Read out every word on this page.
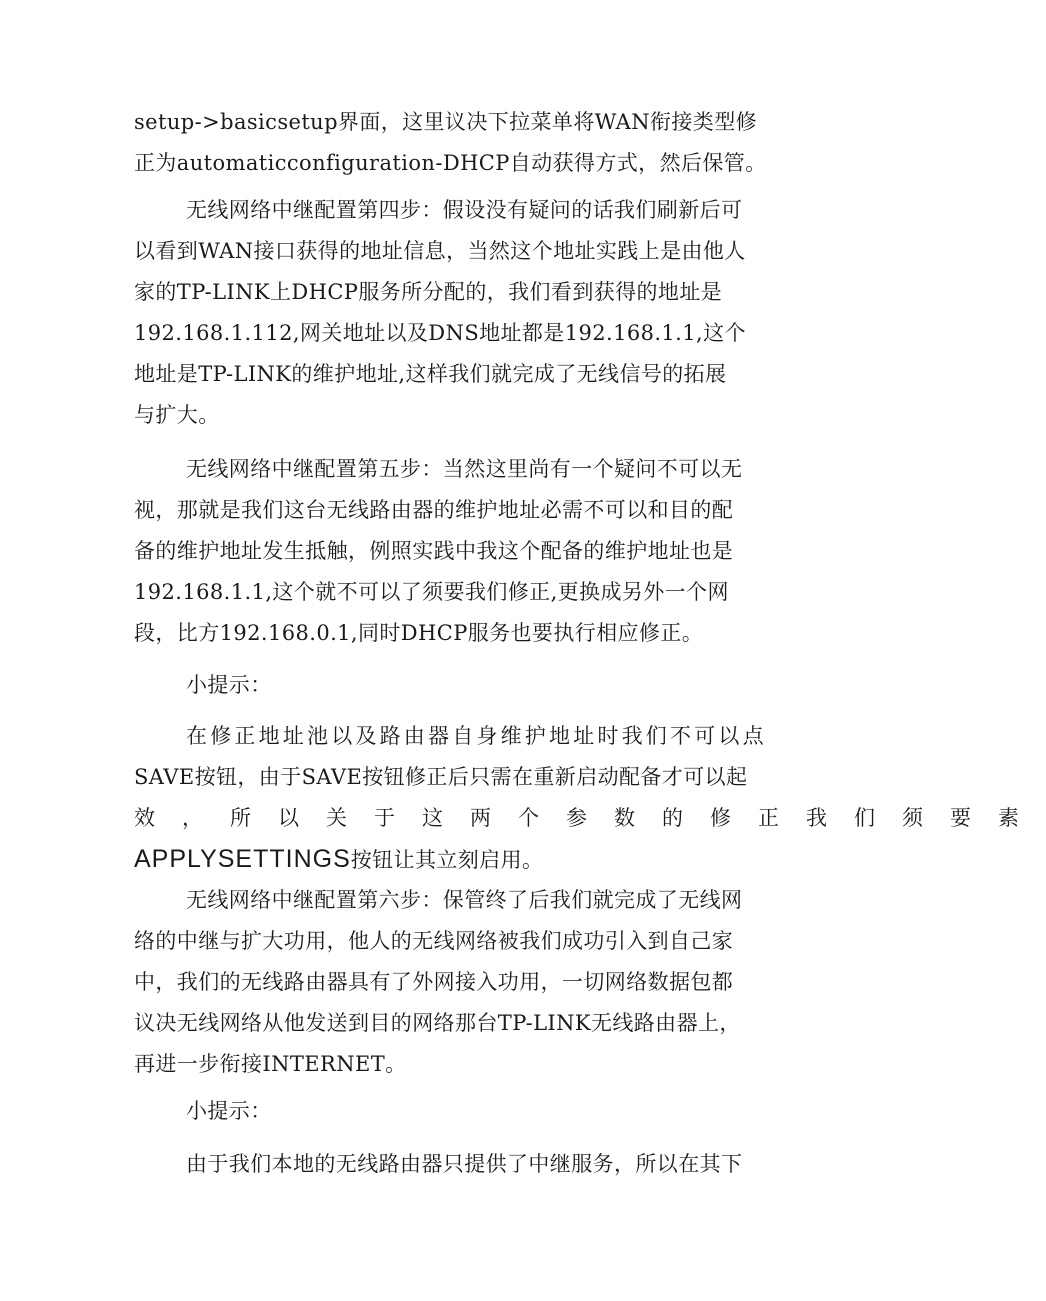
setup->basicsetup界面，这里议决下拉菜单将WAN衔接类型修
正为automaticconfiguration-DHCP自动获得方式，然后保管。
无线网络中继配置第四步：假设没有疑问的话我们刷新后可
以看到WAN接口获得的地址信息，当然这个地址实践上是由他人
家的TP-LINK上DHCP服务所分配的，我们看到获得的地址是
192.168.1.112,网关地址以及DNS地址都是192.168.1.1,这个
地址是TP-LINK的维护地址,这样我们就完成了无线信号的拓展
与扩大。
无线网络中继配置第五步：当然这里尚有一个疑问不可以无
视，那就是我们这台无线路由器的维护地址必需不可以和目的配
备的维护地址发生抵触，例照实践中我这个配备的维护地址也是
192.168.1.1,这个就不可以了须要我们修正,更换成另外一个网
段，比方192.168.0.1,同时DHCP服务也要执行相应修正。
小提示：
在修正地址池以及路由器自身维护地址时我们不可以点
SAVE按钮，由于SAVE按钮修正后只需在重新启动配备才可以起
效，所以关于这两个参数的修正我们须要素
APPLYSETTINGS按钮让其立刻启用。
无线网络中继配置第六步：保管终了后我们就完成了无线网
络的中继与扩大功用，他人的无线网络被我们成功引入到自己家
中，我们的无线路由器具有了外网接入功用，一切网络数据包都
议决无线网络从他发送到目的网络那台TP-LINK无线路由器上，
再进一步衔接INTERNET。
小提示：
由于我们本地的无线路由器只提供了中继服务，所以在其下
